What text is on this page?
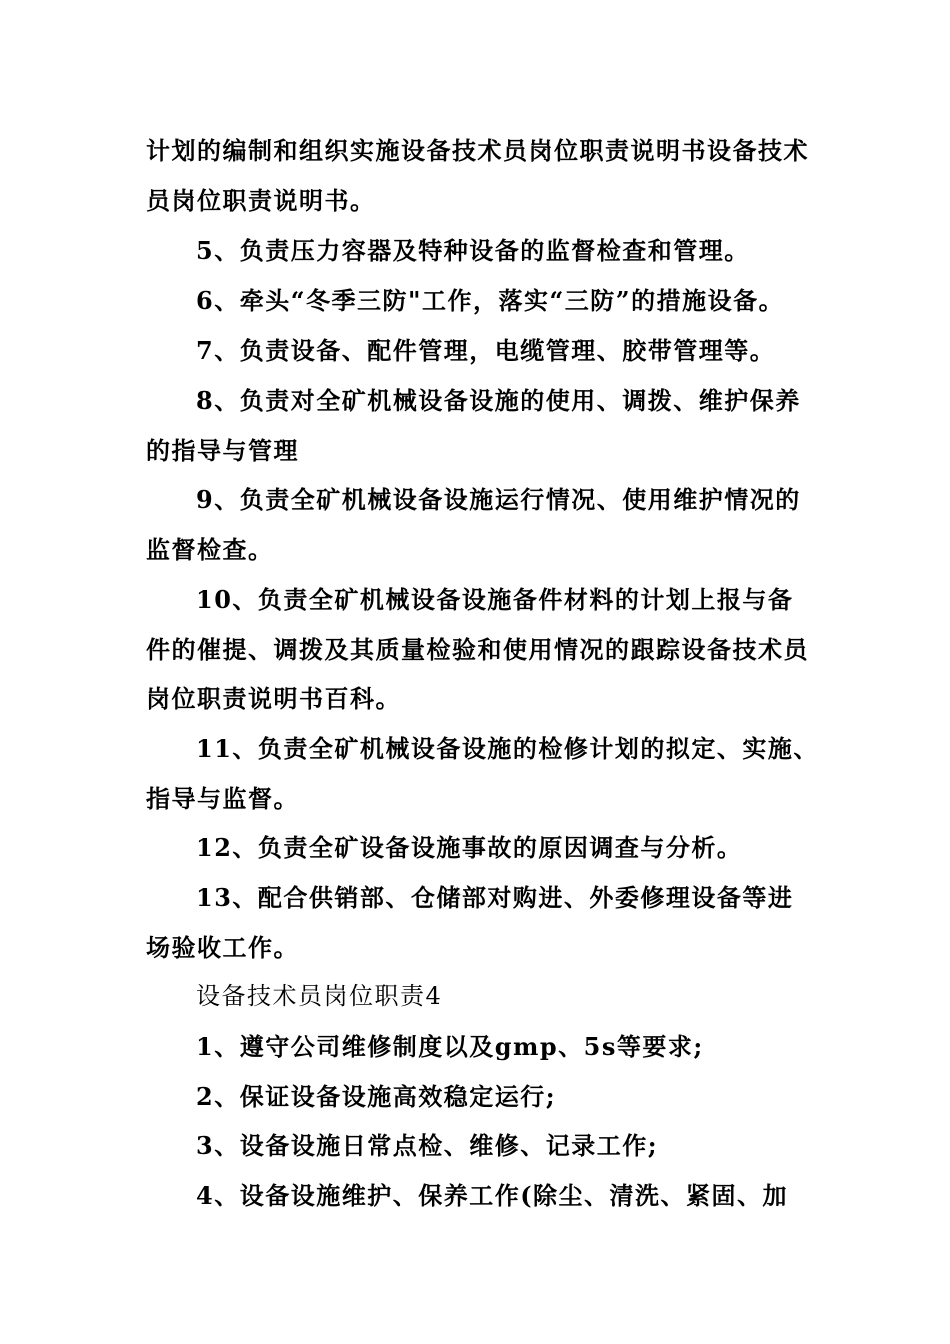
计划的编制和组织实施设备技术员岗位职责说明书设备技术员岗位职责说明书。

5、负责压力容器及特种设备的监督检查和管理。

6、牵头“冬季三防"工作，落实“三防”的措施设备。

7、负责设备、配件管理，电缆管理、胶带管理等。

8、负责对全矿机械设备设施的使用、调拨、维护保养的指导与管理

9、负责全矿机械设备设施运行情况、使用维护情况的监督检查。

10、负责全矿机械设备设施备件材料的计划上报与备件的催提、调拨及其质量检验和使用情况的跟踪设备技术员岗位职责说明书百科。

11、负责全矿机械设备设施的检修计划的拟定、实施、指导与监督。

12、负责全矿设备设施事故的原因调查与分析。

13、配合供销部、仓储部对购进、外委修理设备等进场验收工作。

设备技术员岗位职责4

1、遵守公司维修制度以及gmp、5s等要求;

2、保证设备设施高效稳定运行;

3、设备设施日常点检、维修、记录工作;

4、设备设施维护、保养工作(除尘、清洗、紧固、加
